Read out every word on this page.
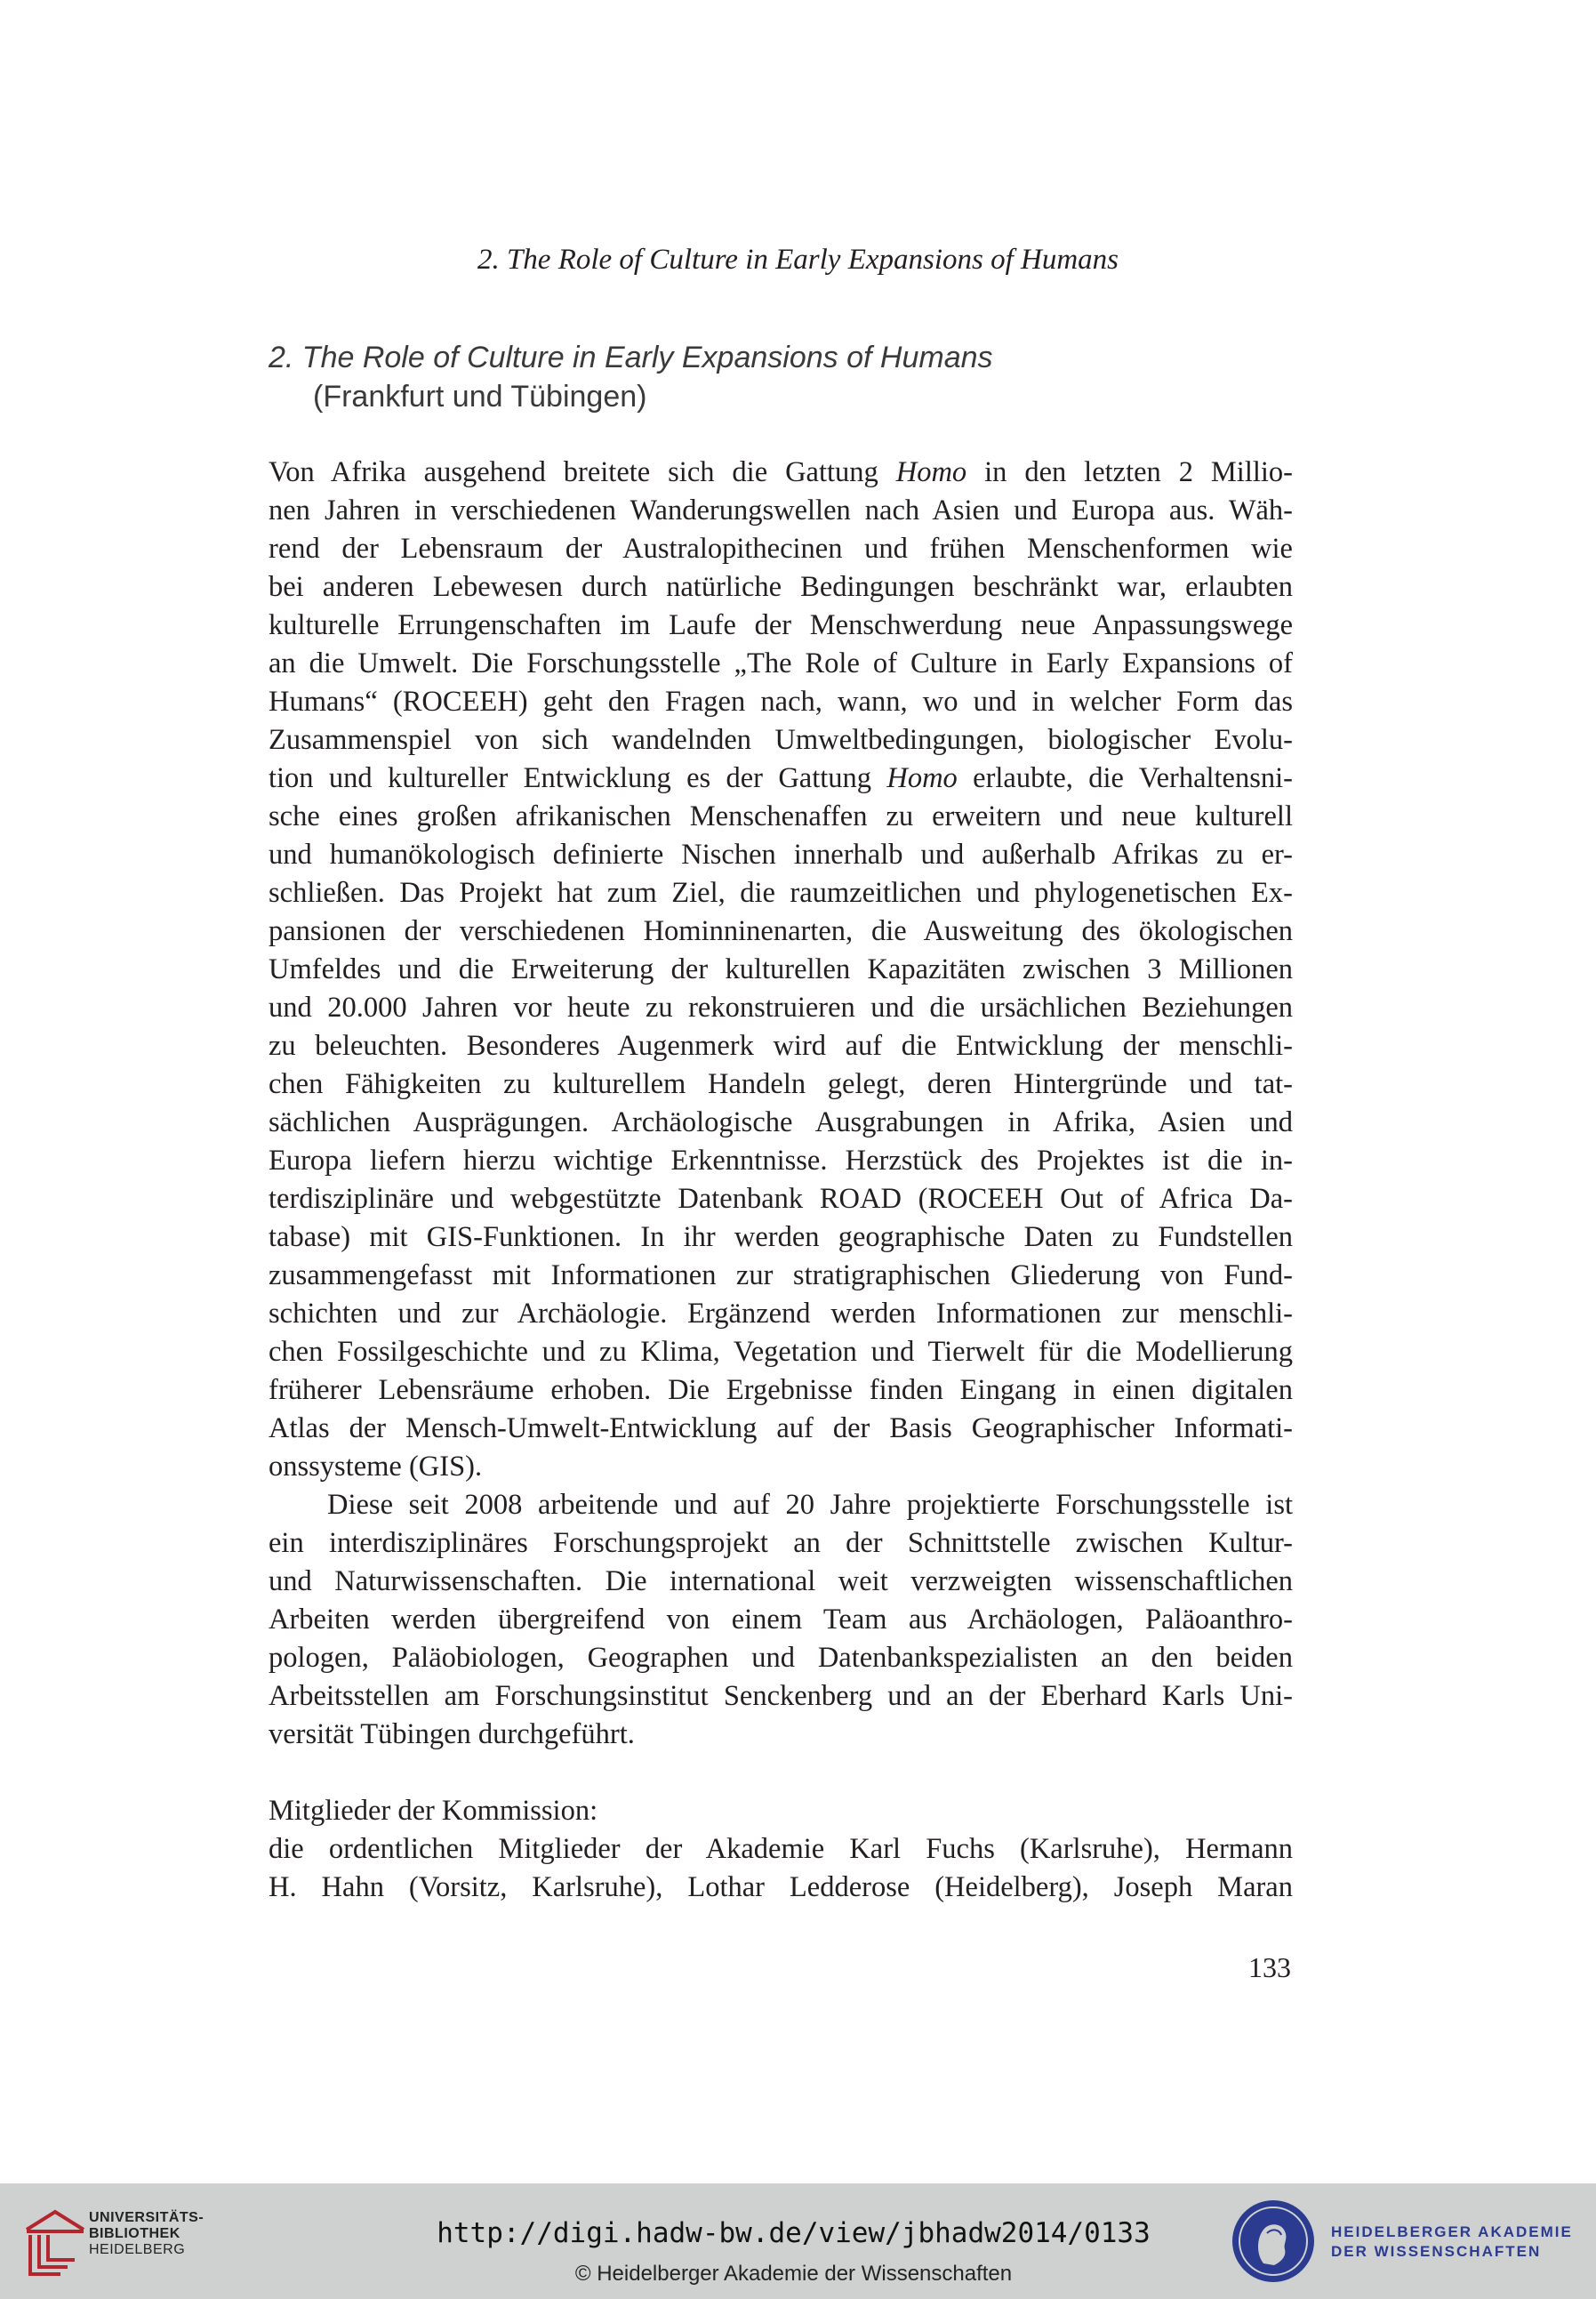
2. The Role of Culture in Early Expansions of Humans
2. The Role of Culture in Early Expansions of Humans
(Frankfurt und Tübingen)

Von Afrika ausgehend breitete sich die Gattung Homo in den letzten 2 Millio-

nen Jahren in verschiedenen Wanderungswellen nach Asien und Europa aus. Wäh-

rend der Lebensraum der Australopithecinen und frühen Menschenformen wie

bei anderen Lebewesen durch natürliche Bedingungen beschränkt war, erlaubten

kulturelle Errungenschaften im Laufe der Menschwerdung neue Anpassungswege

an die Umwelt. Die Forschungsstelle „The Role of Culture in Early Expansions of

Humans“ (ROCEEH) geht den Fragen nach, wann, wo und in welcher Form das

Zusammenspiel von sich wandelnden Umweltbedingungen, biologischer Evolu-

tion und kultureller Entwicklung es der Gattung Homo erlaubte, die Verhaltensni-

sche eines großen afrikanischen Menschenaffen zu erweitern und neue kulturell

und humanökologisch definierte Nischen innerhalb und außerhalb Afrikas zu er-

schließen. Das Projekt hat zum Ziel, die raumzeitlichen und phylogenetischen Ex-

pansionen der verschiedenen Hominninenarten, die Ausweitung des ökologischen

Umfeldes und die Erweiterung der kulturellen Kapazitäten zwischen 3 Millionen

und 20.000 Jahren vor heute zu rekonstruieren und die ursächlichen Beziehungen

zu beleuchten. Besonderes Augenmerk wird auf die Entwicklung der menschli-

chen Fähigkeiten zu kulturellem Handeln gelegt, deren Hintergründe und tat-

sächlichen Ausprägungen. Archäologische Ausgrabungen in Afrika, Asien und

Europa liefern hierzu wichtige Erkenntnisse. Herzstück des Projektes ist die in-

terdisziplinäre und webgestützte Datenbank ROAD (ROCEEH Out of Africa Da-

tabase) mit GIS-Funktionen. In ihr werden geographische Daten zu Fundstellen

zusammengefasst mit Informationen zur stratigraphischen Gliederung von Fund-

schichten und zur Archäologie. Ergänzend werden Informationen zur menschli-

chen Fossilgeschichte und zu Klima, Vegetation und Tierwelt für die Modellierung

früherer Lebensräume erhoben. Die Ergebnisse finden Eingang in einen digitalen

Atlas der Mensch-Umwelt-Entwicklung auf der Basis Geographischer Informati-

onssysteme (GIS).

Diese seit 2008 arbeitende und auf 20 Jahre projektierte Forschungsstelle ist

ein interdisziplinäres Forschungsprojekt an der Schnittstelle zwischen Kultur-

und Naturwissenschaften. Die international weit verzweigten wissenschaftlichen

Arbeiten werden übergreifend von einem Team aus Archäologen, Paläoanthro-

pologen, Paläobiologen, Geographen und Datenbankspezialisten an den beiden

Arbeitsstellen am Forschungsinstitut Senckenberg und an der Eberhard Karls Uni-

versität Tübingen durchgeführt.

Mitglieder der Kommission:

die ordentlichen Mitglieder der Akademie Karl Fuchs (Karlsruhe), Hermann

H. Hahn (Vorsitz, Karlsruhe), Lothar Ledderose (Heidelberg), Joseph Maran

133
UNIVERSITÄTS-
BIBLIOTHEK
HEIDELBERG
http://digi.hadw-bw.de/view/jbhadw2014/0133
© Heidelberger Akademie der Wissenschaften
HEIDELBERGER AKADEMIE
DER WISSENSCHAFTEN
